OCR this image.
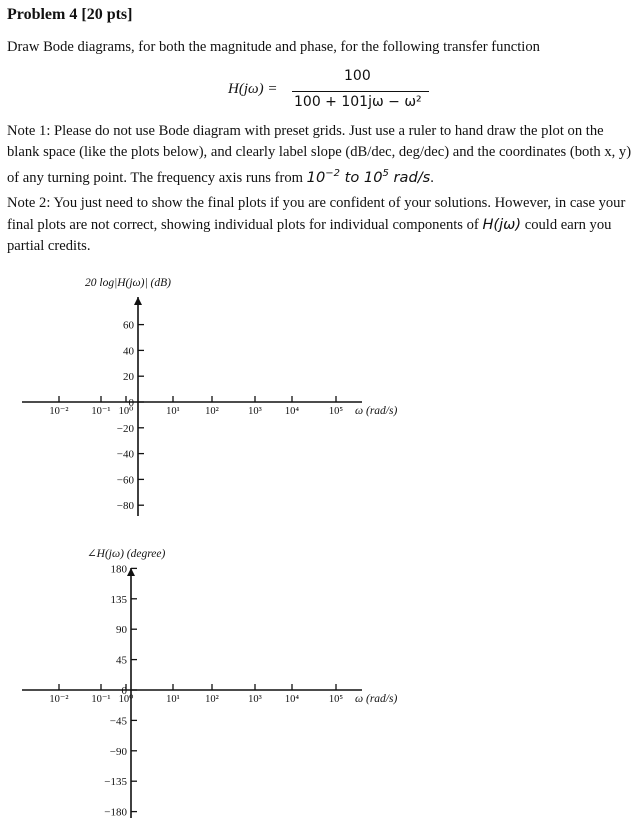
Problem 4 [20 pts]
Draw Bode diagrams, for both the magnitude and phase, for the following transfer function
H(jω) =
100
100 + 101jω − ω²
Note 1: Please do not use Bode diagram with preset grids. Just use a ruler to hand draw the plot on the blank space (like the plots below), and clearly label slope (dB/dec, deg/dec) and the coordinates (both x, y) of any turning point. The frequency axis runs from $10^{-2}$ to $10^5$ rad/s.
Note 2: You just need to show the final plots if you are confident of your solutions. However, in case your final plots are not correct, showing individual plots for individual components of H(jω) could earn you partial credits.
20 log|H(jω)| (dB)
60
40
20
0
−20
−40
−60
−80
10⁻² 10⁻¹ 10⁰	10¹ 10²	10³ 10⁴	10⁵ ω (rad/s)
∠H(jω) (degree)
180
135
90
45
0
−45
−90
−135
−180
10⁻² 10⁻¹ 10⁰	10¹ 10²	10³ 10⁴	10⁵ ω (rad/s)
